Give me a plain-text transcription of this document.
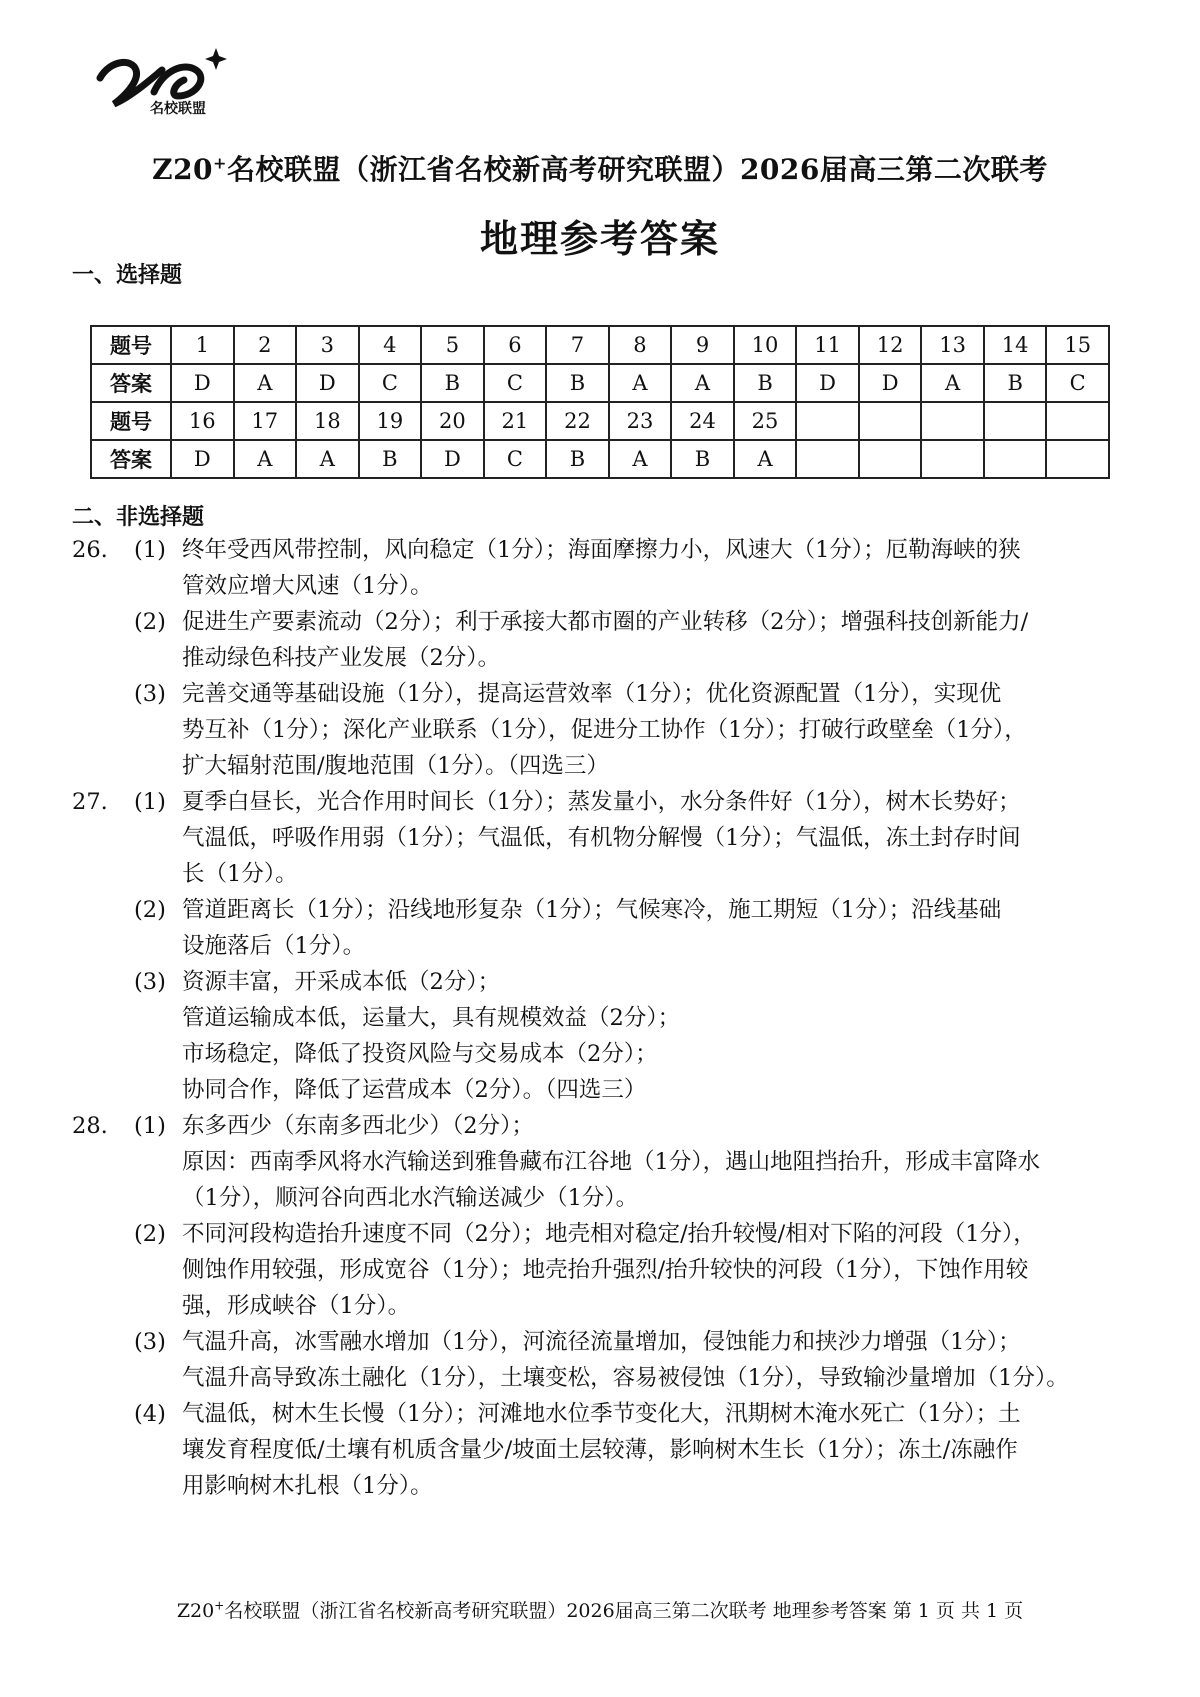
名校联盟
Z20+名校联盟（浙江省名校新高考研究联盟）2026届高三第二次联考
地理参考答案
一、选择题
题号	1	2	3	4	5	6	7	8	9	10	11	12	13	14	15
答案	D	A	D	C	B	C	B	A	A	B	D	D	A	B	C
题号	16	17	18	19	20	21	22	23	24	25					
答案	D	A	A	B	D	C	B	A	B	A					
二、非选择题
26.	(1) 终年受西风带控制，风向稳定（1分）；海面摩擦力小，风速大（1分）；厄勒海峡的狭
管效应增大风速（1分）。
(2) 促进生产要素流动（2分）；利于承接大都市圈的产业转移（2分）；增强科技创新能力/
推动绿色科技产业发展（2分）。
(3) 完善交通等基础设施（1分），提高运营效率（1分）；优化资源配置（1分），实现优
势互补（1分）；深化产业联系（1分），促进分工协作（1分）；打破行政壁垒（1分），
扩大辐射范围/腹地范围（1分）。（四选三）
27.	(1) 夏季白昼长，光合作用时间长（1分）；蒸发量小，水分条件好（1分），树木长势好；
气温低，呼吸作用弱（1分）；气温低，有机物分解慢（1分）；气温低，冻土封存时间
长（1分）。
(2) 管道距离长（1分）；沿线地形复杂（1分）；气候寒冷，施工期短（1分）；沿线基础
设施落后（1分）。
(3) 资源丰富，开采成本低（2分）；
管道运输成本低，运量大，具有规模效益（2分）；
市场稳定，降低了投资风险与交易成本（2分）；
协同合作，降低了运营成本（2分）。（四选三）
28.	(1) 东多西少（东南多西北少）（2分）；
原因：西南季风将水汽输送到雅鲁藏布江谷地（1分），遇山地阻挡抬升，形成丰富降水
（1分），顺河谷向西北水汽输送减少（1分）。
(2) 不同河段构造抬升速度不同（2分）；地壳相对稳定/抬升较慢/相对下陷的河段（1分），
侧蚀作用较强，形成宽谷（1分）；地壳抬升强烈/抬升较快的河段（1分），下蚀作用较
强，形成峡谷（1分）。
(3) 气温升高，冰雪融水增加（1分），河流径流量增加，侵蚀能力和挟沙力增强（1分）；
气温升高导致冻土融化（1分），土壤变松，容易被侵蚀（1分），导致输沙量增加（1分）。
(4) 气温低，树木生长慢（1分）；河滩地水位季节变化大，汛期树木淹水死亡（1分）；土
壤发育程度低/土壤有机质含量少/坡面土层较薄，影响树木生长（1分）；冻土/冻融作
用影响树木扎根（1分）。
Z20+名校联盟（浙江省名校新高考研究联盟）2026届高三第二次联考 地理参考答案 第 1 页 共 1 页
